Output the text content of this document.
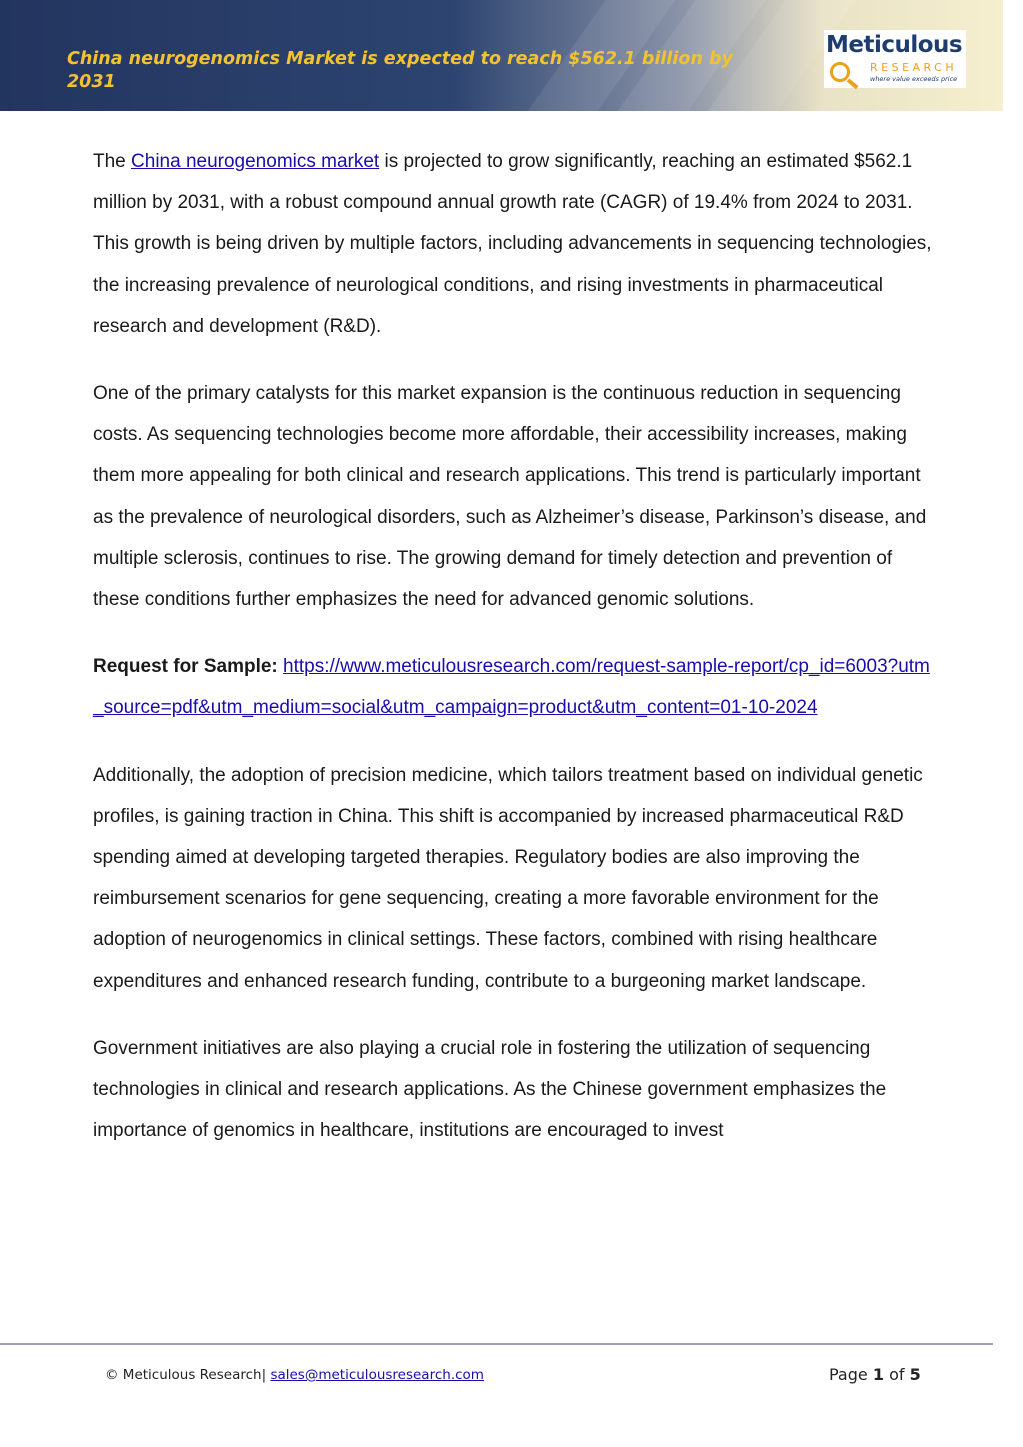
China neurogenomics Market is expected to reach $562.1 billion by 2031
Meticulous
RESEARCH
where value exceeds price

The China neurogenomics market is projected to grow significantly, reaching an estimated $562.1 million by 2031, with a robust compound annual growth rate (CAGR) of 19.4% from 2024 to 2031. This growth is being driven by multiple factors, including advancements in sequencing technologies, the increasing prevalence of neurological conditions, and rising investments in pharmaceutical research and development (R&D).

One of the primary catalysts for this market expansion is the continuous reduction in sequencing costs. As sequencing technologies become more affordable, their accessibility increases, making them more appealing for both clinical and research applications. This trend is particularly important as the prevalence of neurological disorders, such as Alzheimer’s disease, Parkinson’s disease, and multiple sclerosis, continues to rise. The growing demand for timely detection and prevention of these conditions further emphasizes the need for advanced genomic solutions.

Request for Sample: https://www.meticulousresearch.com/request-sample-report/cp_id=6003?utm_source=pdf&utm_medium=social&utm_campaign=product&utm_content=01-10-2024

Additionally, the adoption of precision medicine, which tailors treatment based on individual genetic profiles, is gaining traction in China. This shift is accompanied by increased pharmaceutical R&D spending aimed at developing targeted therapies. Regulatory bodies are also improving the reimbursement scenarios for gene sequencing, creating a more favorable environment for the adoption of neurogenomics in clinical settings. These factors, combined with rising healthcare expenditures and enhanced research funding, contribute to a burgeoning market landscape.

Government initiatives are also playing a crucial role in fostering the utilization of sequencing technologies in clinical and research applications. As the Chinese government emphasizes the importance of genomics in healthcare, institutions are encouraged to invest

© Meticulous Research| sales@meticulousresearch.com	Page 1 of 5
